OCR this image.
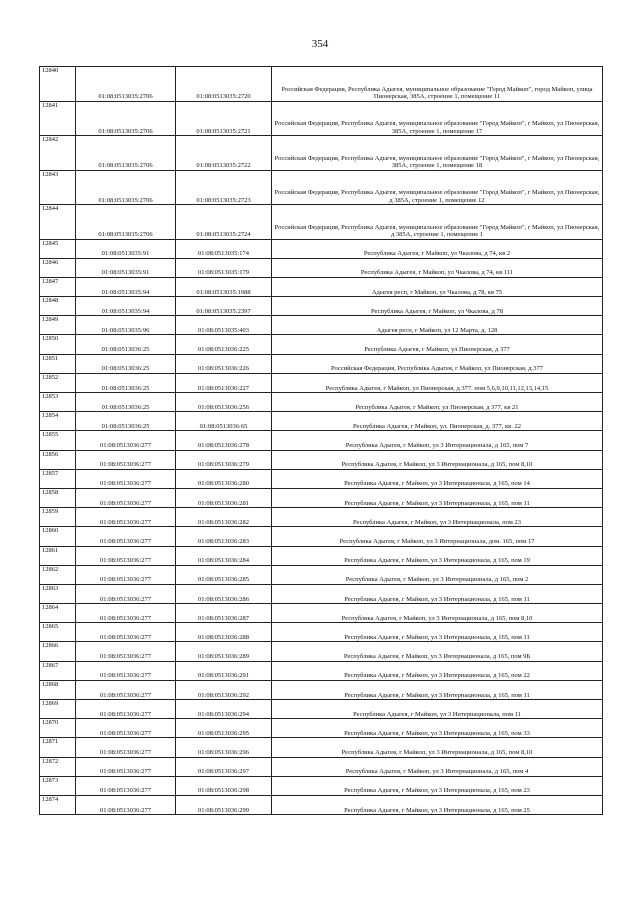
354
12840	01:08:0513035:2706	01:08:0513035:2720	Российская Федерация, Республика Адыгея, муниципальное образование "Город Майкоп", город Майкоп, улица Пионерская, 385А, строение 1, помещение 11
12841	01:08:0513035:2706	01:08:0513035:2721	Российская Федерация, Республика Адыгея, муниципальное образование "Город Майкоп", г Майкоп, ул Пионерская, 385А, строение 1, помещение 17
12842	01:08:0513035:2706	01:08:0513035:2722	Российская Федерация, Республика Адыгея, муниципальное образование "Город Майкоп", г Майкоп, ул Пионерская, 385А, строение 1, помещение 18
12843	01:08:0513035:2706	01:08:0513035:2723	Российская Федерация, Республика Адыгея, муниципальное образование "Город Майкоп", г Майкоп, ул Пионерская, д 385А, строение 1, помещение 12
12844	01:08:0513035:2706	01:08:0513035:2724	Российская Федерация, Республика Адыгея, муниципальное образование "Город Майкоп", г Майкоп, ул Пионерская, д 385А, строение 1, помещение 1
12845	01:08:0513035:91	01:08:0513035:174	Республика Адыгея, г Майкоп, ул Чкалова, д 74, кв 2
12846	01:08:0513035:91	01:08:0513035:179	Республика Адыгея, г Майкоп, ул Чкалова, д 74, кв 111
12847	01:08:0513035:94	01:08:0513035:1988	Адыгея респ, г Майкоп, ул Чкалова, д 78, кв 75
12848	01:08:0513035:94	01:08:0513035:2397	Республика Адыгея, г Майкоп, ул Чкалова, д 78
12849	01:08:0513035:96	01:08:0513035:403	Адыгея респ, г Майкоп, ул 12 Марта, д. 128
12850	01:08:0513036:25	01:08:0513036:225	Республика Адыгея, г Майкоп, ул Пионерская, д 377
12851	01:08:0513036:25	01:08:0513036:226	Российская Федерация, Республика Адыгея, г Майкоп, ул Пионерская, д.377
12852	01:08:0513036:25	01:08:0513036:227	Республика Адыгея, г Майкоп, ул Пионерская, д 377. пом 5,6,9,10,11,12,13,14,15
12853	01:08:0513036:25	01:08:0513036:256	Республика Адыгея, г Майкоп, ул Пионерская, д 377, кв 21
12854	01:08:0513036:25	01:08:0513036:65	Республика Адыгея, г Майкоп, ул. Пионерская, д. 377, кв. 22
12855	01:08:0513036:277	01:08:0513036:278	Республика Адыгея, г Майкоп, ул 3 Интернационала, д 165, пом 7
12856	01:08:0513036:277	01:08:0513036:279	Республика Адыгея, г Майкоп, ул 3 Интернационала, д 165, пом 8,10
12857	01:08:0513036:277	01:08:0513036:280	Республика Адыгея, г Майкоп, ул 3 Интернационала, д 165, пом 14
12858	01:08:0513036:277	01:08:0513036:281	Республика Адыгея, г Майкоп, ул 3 Интернационала, д 165, пом 11
12859	01:08:0513036:277	01:08:0513036:282	Республика Адыгея, г Майкоп, ул 3 Интернационала, пом 23
12860	01:08:0513036:277	01:08:0513036:283	Республика Адыгея, г Майкоп, ул 3 Интернационала, дом. 165, пом 17
12861	01:08:0513036:277	01:08:0513036:284	Республика Адыгея, г Майкоп, ул 3 Интернационала, д 165, пом 19
12862	01:08:0513036:277	01:08:0513036:285	Республика Адыгея, г Майкоп, ул 3 Интернационала, д 165, пом 2
12863	01:08:0513036:277	01:08:0513036:286	Республика Адыгея, г Майкоп, ул 3 Интернационала, д 165, пом 11
12864	01:08:0513036:277	01:08:0513036:287	Республика Адыгея, г Майкоп, ул 3 Интернационала, д 165, пом 8,10
12865	01:08:0513036:277	01:08:0513036:288	Республика Адыгея, г Майкоп, ул 3 Интернационала, д 165, пом 11
12866	01:08:0513036:277	01:08:0513036:289	Республика Адыгея, г Майкоп, ул 3 Интернационала, д 165, пом 9Б
12867	01:08:0513036:277	01:08:0513036:291	Республика Адыгея, г Майкоп, ул 3 Интернационала, д 165, пом 22
12868	01:08:0513036:277	01:08:0513036:292	Республика Адыгея, г Майкоп, ул 3 Интернационала, д 165, пом 11
12869	01:08:0513036:277	01:08:0513036:294	Республика Адыгея, г Майкоп, ул 3 Интернационала, пом 11
12870	01:08:0513036:277	01:08:0513036:295	Республика Адыгея, г Майкоп, ул 3 Интернационала, д 165, пом 33
12871	01:08:0513036:277	01:08:0513036:296	Республика Адыгея, г Майкоп, ул 3 Интернационала, д 165, пом 8,10
12872	01:08:0513036:277	01:08:0513036:297	Республика Адыгея, г Майкоп, ул 3 Интернационала, д 165, пом 4
12873	01:08:0513036:277	01:08:0513036:298	Республика Адыгея, г Майкоп, ул 3 Интернационала, д 165, пом 23
12874	01:08:0513036:277	01:08:0513036:299	Республика Адыгея, г Майкоп, ул 3 Интернационала, д 165, пом 25
